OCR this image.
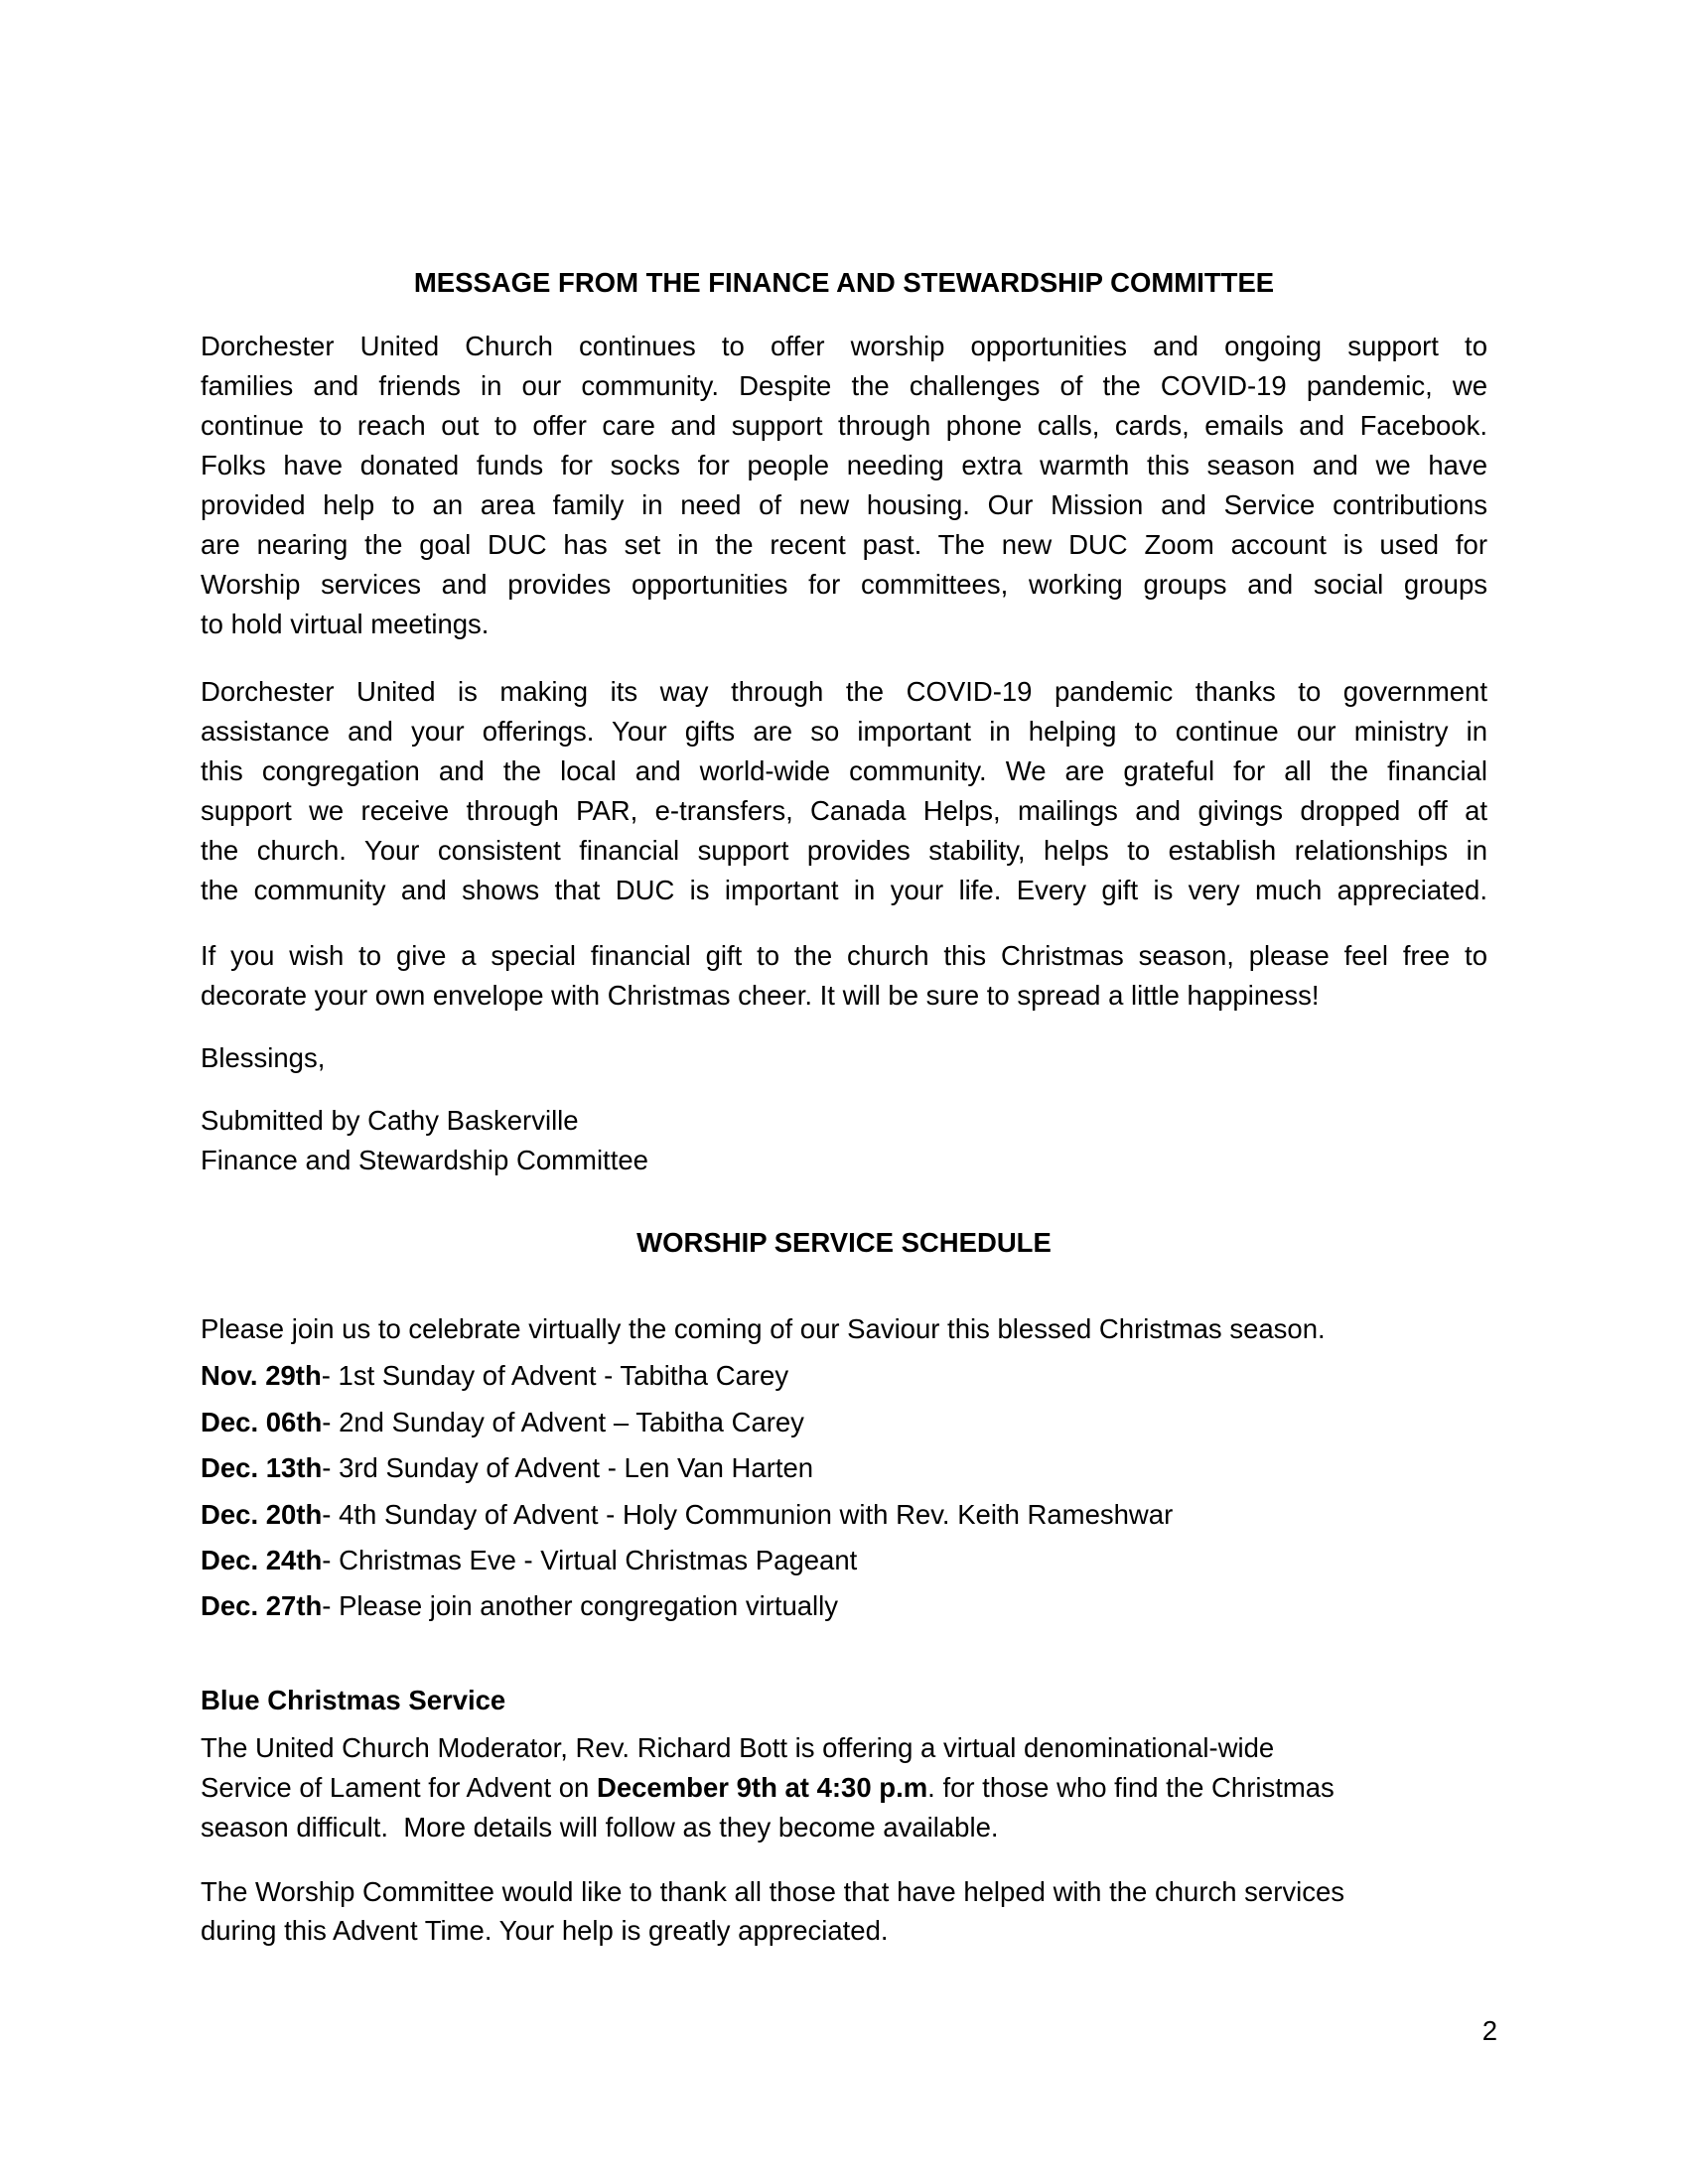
MESSAGE FROM THE FINANCE AND STEWARDSHIP COMMITTEE
Dorchester United Church continues to offer worship opportunities and ongoing support to
families and friends in our community. Despite the challenges of the COVID-19 pandemic, we
continue to reach out to offer care and support through phone calls, cards, emails and Facebook.
Folks have donated funds for socks for people needing extra warmth this season and we have
provided help to an area family in need of new housing. Our Mission and Service contributions
are nearing the goal DUC has set in the recent past. The new DUC Zoom account is used for
Worship services and provides opportunities for committees, working groups and social groups
to hold virtual meetings.
Dorchester United is making its way through the COVID-19 pandemic thanks to government
assistance and your offerings. Your gifts are so important in helping to continue our ministry in
this congregation and the local and world-wide community. We are grateful for all the financial
support we receive through PAR, e-transfers, Canada Helps, mailings and givings dropped off at
the church. Your consistent financial support provides stability, helps to establish relationships in
the community and shows that DUC is important in your life. Every gift is very much appreciated.
If you wish to give a special financial gift to the church this Christmas season, please feel free to
decorate your own envelope with Christmas cheer. It will be sure to spread a little happiness!
Blessings,
Submitted by Cathy Baskerville
Finance and Stewardship Committee
WORSHIP SERVICE SCHEDULE
Please join us to celebrate virtually the coming of our Saviour this blessed Christmas season.
Nov. 29th- 1st Sunday of Advent - Tabitha Carey
Dec. 06th- 2nd Sunday of Advent – Tabitha Carey
Dec. 13th- 3rd Sunday of Advent - Len Van Harten
Dec. 20th- 4th Sunday of Advent - Holy Communion with Rev. Keith Rameshwar
Dec. 24th- Christmas Eve - Virtual Christmas Pageant
Dec. 27th- Please join another congregation virtually
Blue Christmas Service
The United Church Moderator, Rev. Richard Bott is offering a virtual denominational-wide
Service of Lament for Advent on December 9th at 4:30 p.m. for those who find the Christmas
season difficult.  More details will follow as they become available.
The Worship Committee would like to thank all those that have helped with the church services
during this Advent Time. Your help is greatly appreciated.
2
